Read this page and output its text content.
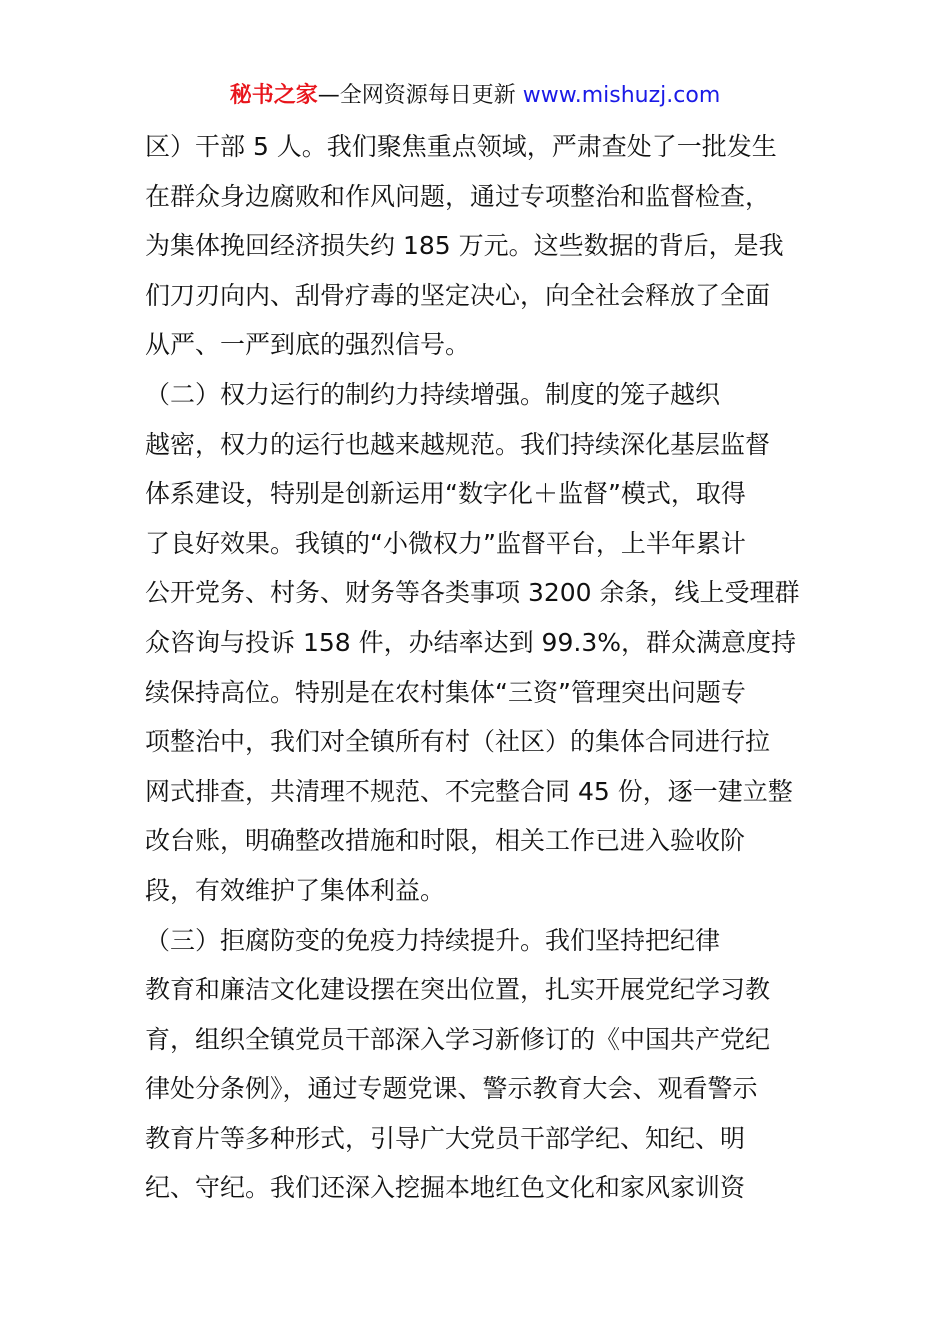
秘书之家—全网资源每日更新 www.mishuzj.com
区）干部 5 人。我们聚焦重点领域，严肃查处了一批发生
在群众身边腐败和作风问题，通过专项整治和监督检查，
为集体挽回经济损失约 185 万元。这些数据的背后，是我
们刀刃向内、刮骨疗毒的坚定决心，向全社会释放了全面
从严、一严到底的强烈信号。
（二）权力运行的制约力持续增强。制度的笼子越织
越密，权力的运行也越来越规范。我们持续深化基层监督
体系建设，特别是创新运用“数字化＋监督”模式，取得
了良好效果。我镇的“小微权力”监督平台，上半年累计
公开党务、村务、财务等各类事项 3200 余条，线上受理群
众咨询与投诉 158 件，办结率达到 99.3%，群众满意度持
续保持高位。特别是在农村集体“三资”管理突出问题专
项整治中，我们对全镇所有村（社区）的集体合同进行拉
网式排查，共清理不规范、不完整合同 45 份，逐一建立整
改台账，明确整改措施和时限，相关工作已进入验收阶
段，有效维护了集体利益。
（三）拒腐防变的免疫力持续提升。我们坚持把纪律
教育和廉洁文化建设摆在突出位置，扎实开展党纪学习教
育，组织全镇党员干部深入学习新修订的《中国共产党纪
律处分条例》，通过专题党课、警示教育大会、观看警示
教育片等多种形式，引导广大党员干部学纪、知纪、明
纪、守纪。我们还深入挖掘本地红色文化和家风家训资
